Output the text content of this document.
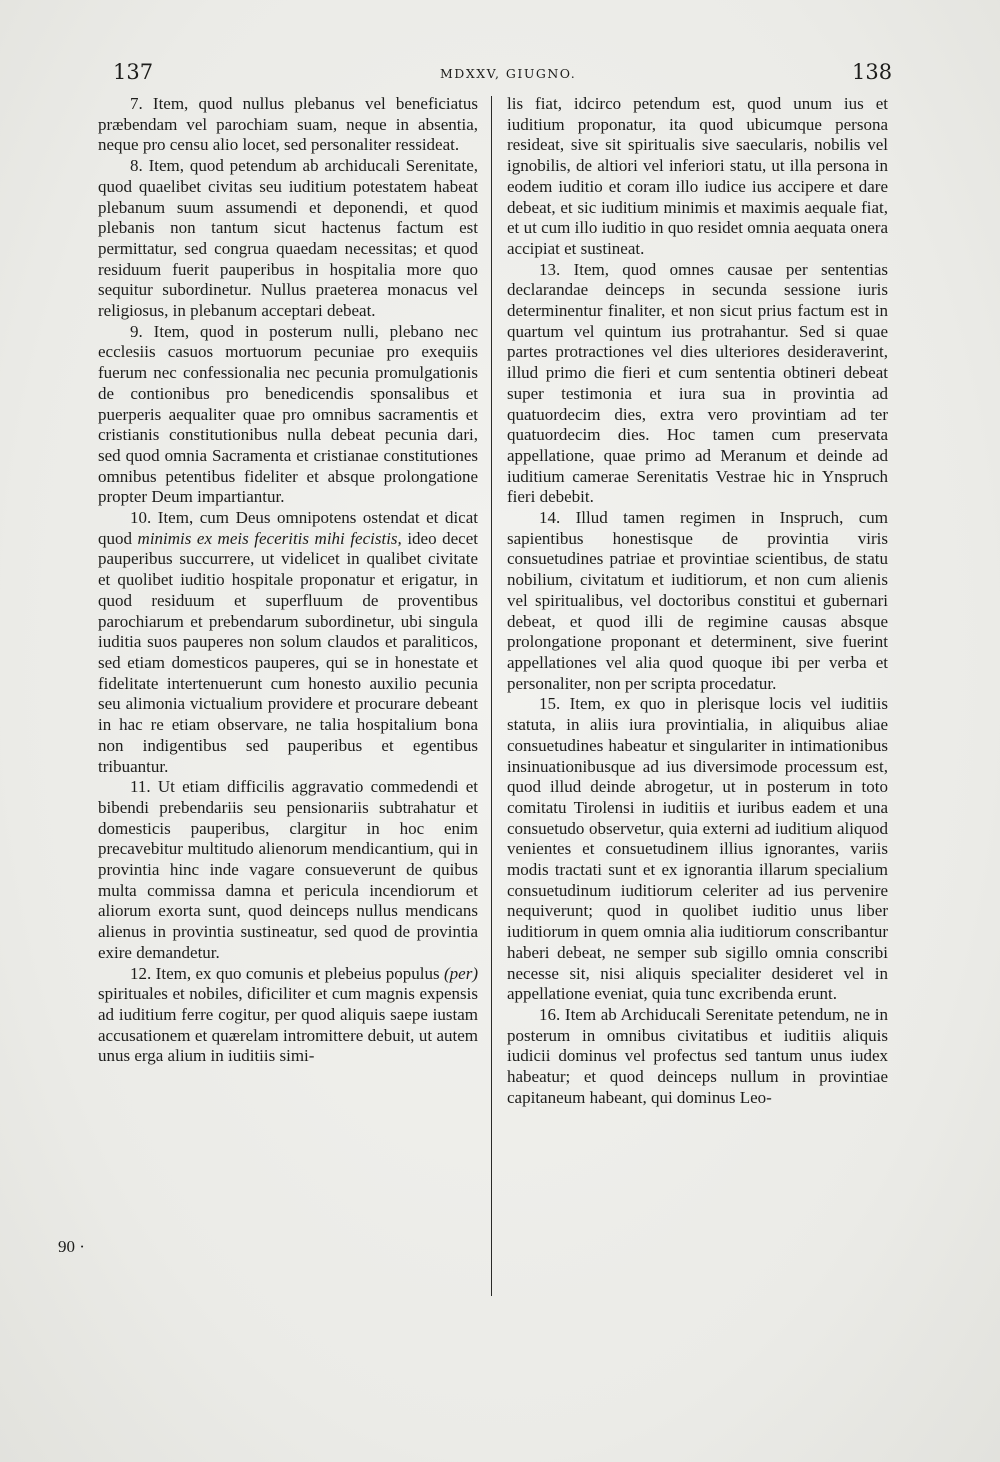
137	MDXXV, GIUGNO.	138

7. Item, quod nullus plebanus vel beneficiatus præbendam vel parochiam suam, neque in absentia, neque pro censu alio locet, sed personaliter ressideat.

8. Item, quod petendum ab archiducali Serenitate, quod quaelibet civitas seu iuditium potestatem habeat plebanum suum assumendi et deponendi, et quod plebanis non tantum sicut hactenus factum est permittatur, sed congrua quaedam necessitas; et quod residuum fuerit pauperibus in hospitalia more quo sequitur subordinetur. Nullus praeterea monacus vel religiosus, in plebanum acceptari debeat.

9. Item, quod in posterum nulli, plebano nec ecclesiis casuos mortuorum pecuniae pro exequiis fuerum nec confessionalia nec pecunia promulgationis de contionibus pro benedicendis sponsalibus et puerperis aequaliter quae pro omnibus sacramentis et cristianis constitutionibus nulla debeat pecunia dari, sed quod omnia Sacramenta et cristianae constitutiones omnibus petentibus fideliter et absque prolongatione propter Deum impartiantur.

10. Item, cum Deus omnipotens ostendat et dicat quod minimis ex meis feceritis mihi fecistis, ideo decet pauperibus succurrere, ut videlicet in qualibet civitate et quolibet iuditio hospitale proponatur et erigatur, in quod residuum et superfluum de proventibus parochiarum et prebendarum subordinetur, ubi singula iuditia suos pauperes non solum claudos et paraliticos, sed etiam domesticos pauperes, qui se in honestate et fidelitate intertenuerunt cum honesto auxilio pecunia seu alimonia victualium providere et procurare debeant in hac re etiam observare, ne talia hospitalium bona non indigentibus sed pauperibus et egentibus tribuantur.

11. Ut etiam difficilis aggravatio commedendi et bibendi prebendariis seu pensionariis subtrahatur et domesticis pauperibus, clargitur in hoc enim precavebitur multitudo alienorum mendicantium, qui in provintia hinc inde vagare consueverunt de quibus multa commissa damna et pericula incendiorum et aliorum exorta sunt, quod deinceps nullus mendicans alienus in provintia sustineatur, sed quod de provintia exire demandetur.

12. Item, ex quo comunis et plebeius populus (per) spirituales et nobiles, dificiliter et cum magnis expensis ad iuditium ferre cogitur, per quod aliquis saepe iustam accusationem et quærelam intromittere debuit, ut autem unus erga alium in iuditiis simi-

lis fiat, idcirco petendum est, quod unum ius et iuditium proponatur, ita quod ubicumque persona resideat, sive sit spiritualis sive saecularis, nobilis vel ignobilis, de altiori vel inferiori statu, ut illa persona in eodem iuditio et coram illo iudice ius accipere et dare debeat, et sic iuditium minimis et maximis aequale fiat, et ut cum illo iuditio in quo residet omnia aequata onera accipiat et sustineat.

13. Item, quod omnes causae per sententias declarandae deinceps in secunda sessione iuris determinentur finaliter, et non sicut prius factum est in quartum vel quintum ius protrahantur. Sed si quae partes protractiones vel dies ulteriores desideraverint, illud primo die fieri et cum sententia obtineri debeat super testimonia et iura sua in provintia ad quatuordecim dies, extra vero provintiam ad ter quatuordecim dies. Hoc tamen cum preservata appellatione, quae primo ad Meranum et deinde ad iuditium camerae Serenitatis Vestrae hic in Ynspruch fieri debebit.

14. Illud tamen regimen in Inspruch, cum sapientibus honestisque de provintia viris consuetudines patriae et provintiae scientibus, de statu nobilium, civitatum et iuditiorum, et non cum alienis vel spiritualibus, vel doctoribus constitui et gubernari debeat, et quod illi de regimine causas absque prolongatione proponant et determinent, sive fuerint appellationes vel alia quod quoque ibi per verba et personaliter, non per scripta procedatur.

15. Item, ex quo in plerisque locis vel iuditiis statuta, in aliis iura provintialia, in aliquibus aliae consuetudines habeatur et singulariter in intimationibus insinuationibusque ad ius diversimode processum est, quod illud deinde abrogetur, ut in posterum in toto comitatu Tirolensi in iuditiis et iuribus eadem et una consuetudo observetur, quia externi ad iuditium aliquod venientes et consuetudinem illius ignorantes, variis modis tractati sunt et ex ignorantia illarum specialium consuetudinum iuditiorum celeriter ad ius pervenire nequiverunt; quod in quolibet iuditio unus liber iuditiorum in quem omnia alia iuditiorum conscribantur haberi debeat, ne semper sub sigillo omnia conscribi necesse sit, nisi aliquis specialiter desideret vel in appellatione eveniat, quia tunc excribenda erunt.

16. Item ab Archiducali Serenitate petendum, ne in posterum in omnibus civitatibus et iuditiis aliquis iudicii dominus vel profectus sed tantum unus iudex habeatur; et quod deinceps nullum in provintiae capitaneum habeant, qui dominus Leo-

90 ·
